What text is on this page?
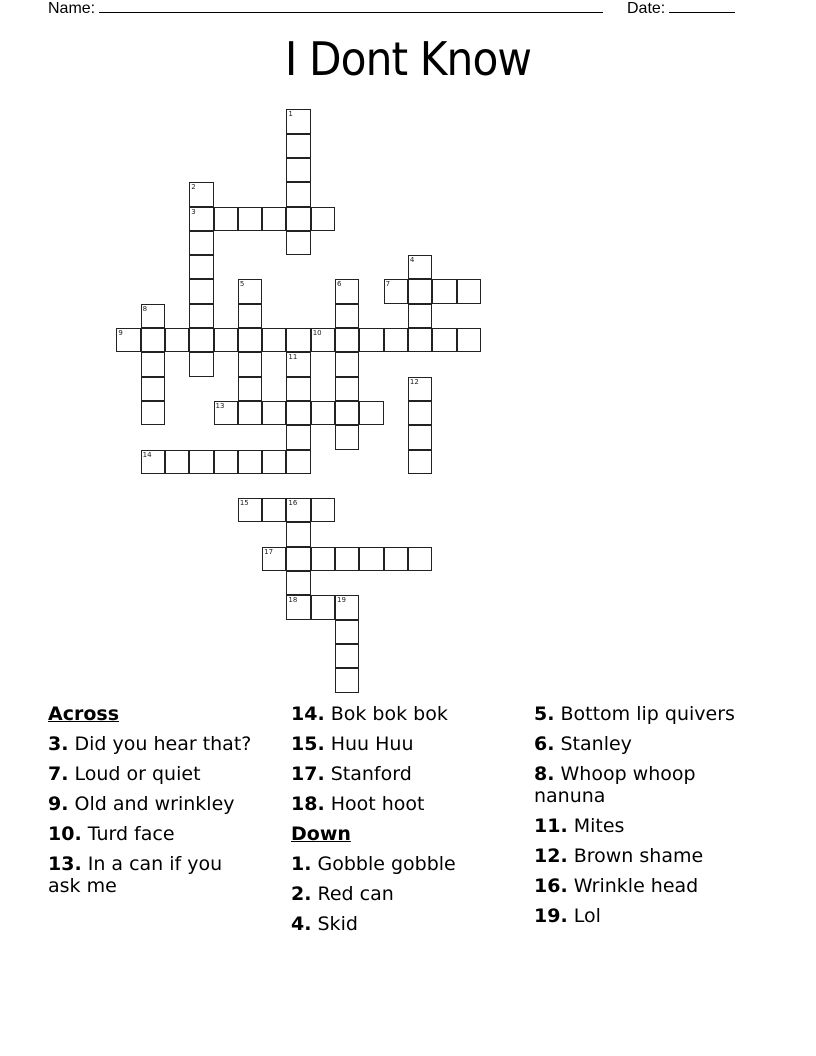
Name:	Date:
I Dont Know
1
2
3
4
5	6	7
8
9	10
11
12
13
14
15	16
18
17
19
Across
3. Did you hear that?
7. Loud or quiet
9. Old and wrinkley
10. Turd face
13. In a can if you ask me
14. Bok bok bok
15. Huu Huu
17. Stanford
18. Hoot hoot
Down
1. Gobble gobble
2. Red can
4. Skid
5. Bottom lip quivers
6. Stanley
8. Whoop whoop nanuna
11. Mites
12. Brown shame
16. Wrinkle head
19. Lol
